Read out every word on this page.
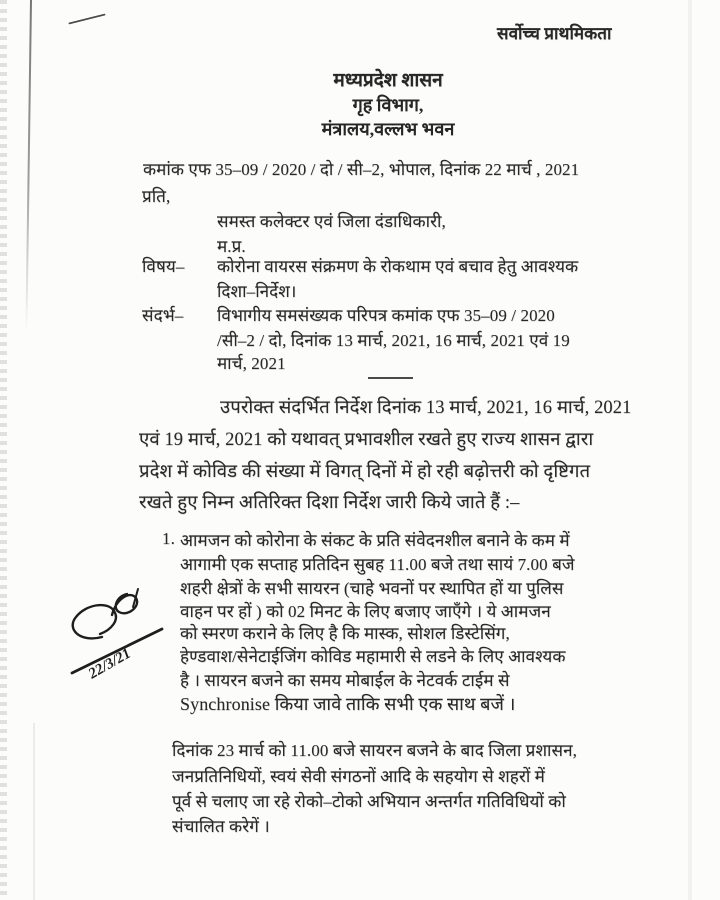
सर्वोच्च प्राथमिकता
मध्यप्रदेश शासन
गृह विभाग,
मंत्रालय,वल्लभ भवन
कमांक एफ 35–09 / 2020 / दो / सी–2, भोपाल, दिनांक 22 मार्च , 2021
प्रति,
समस्त कलेक्टर एवं जिला दंडाधिकारी,
म.प्र.
विषय– कोरोना वायरस संक्रमण के रोकथाम एवं बचाव हेतु आवश्यक
दिशा–निर्देश।
संदर्भ– विभागीय समसंख्यक परिपत्र कमांक एफ 35–09 / 2020
/सी–2 / दो, दिनांक 13 मार्च, 2021, 16 मार्च, 2021 एवं 19
मार्च, 2021
उपरोक्त संदर्भित निर्देश दिनांक 13 मार्च, 2021, 16 मार्च, 2021
एवं 19 मार्च, 2021 को यथावत् प्रभावशील रखते हुए राज्य शासन द्वारा
प्रदेश में कोविड की संख्या में विगत् दिनों में हो रही बढ़ोत्तरी को दृष्टिगत
रखते हुए निम्न अतिरिक्त दिशा निर्देश जारी किये जाते हैं :–
1. आमजन को कोरोना के संकट के प्रति संवेदनशील बनाने के कम में
आगामी एक सप्ताह प्रतिदिन सुबह 11.00 बजे तथा सायं 7.00 बजे
शहरी क्षेत्रों के सभी सायरन (चाहे भवनों पर स्थापित हों या पुलिस
वाहन पर हों ) को 02 मिनट के लिए बजाए जाएँगे । ये आमजन
को स्मरण कराने के लिए है कि मास्क, सोशल डिस्टेसिंग,
हेण्डवाश/सेनेटाईजिंग कोविड महामारी से लडने के लिए आवश्यक
है । सायरन बजने का समय मोबाईल के नेटवर्क टाईम से
Synchronise किया जावे ताकि सभी एक साथ बजें ।
दिनांक 23 मार्च को 11.00 बजे सायरन बजने के बाद जिला प्रशासन,
जनप्रतिनिधियों, स्वयं सेवी संगठनों आदि के सहयोग से शहरों में
पूर्व से चलाए जा रहे रोको–टोको अभियान अन्तर्गत गतिविधियों को
संचालित करेगें ।
22/3/21
